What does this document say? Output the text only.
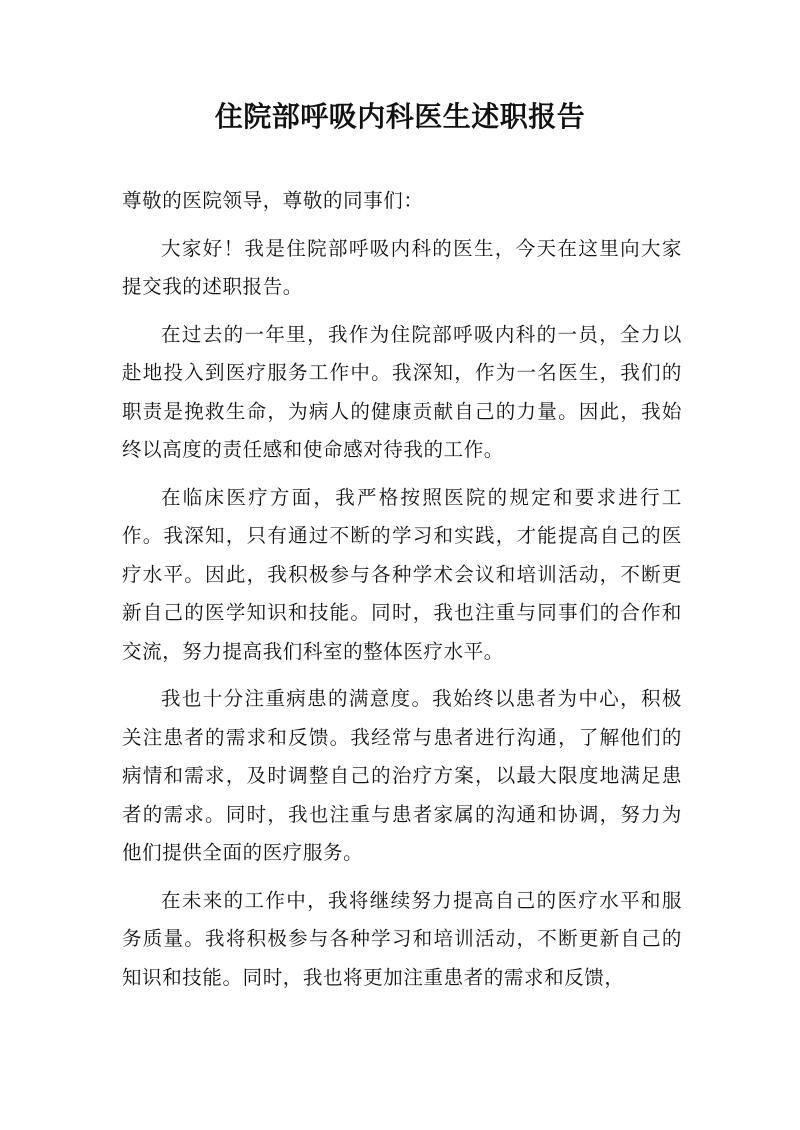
住院部呼吸内科医生述职报告

尊敬的医院领导，尊敬的同事们：

大家好！我是住院部呼吸内科的医生，今天在这里向大家提交我的述职报告。

在过去的一年里，我作为住院部呼吸内科的一员，全力以赴地投入到医疗服务工作中。我深知，作为一名医生，我们的职责是挽救生命，为病人的健康贡献自己的力量。因此，我始终以高度的责任感和使命感对待我的工作。

在临床医疗方面，我严格按照医院的规定和要求进行工作。我深知，只有通过不断的学习和实践，才能提高自己的医疗水平。因此，我积极参与各种学术会议和培训活动，不断更新自己的医学知识和技能。同时，我也注重与同事们的合作和交流，努力提高我们科室的整体医疗水平。

我也十分注重病患的满意度。我始终以患者为中心，积极关注患者的需求和反馈。我经常与患者进行沟通，了解他们的病情和需求，及时调整自己的治疗方案，以最大限度地满足患者的需求。同时，我也注重与患者家属的沟通和协调，努力为他们提供全面的医疗服务。

在未来的工作中，我将继续努力提高自己的医疗水平和服务质量。我将积极参与各种学习和培训活动，不断更新自己的知识和技能。同时，我也将更加注重患者的需求和反馈，
